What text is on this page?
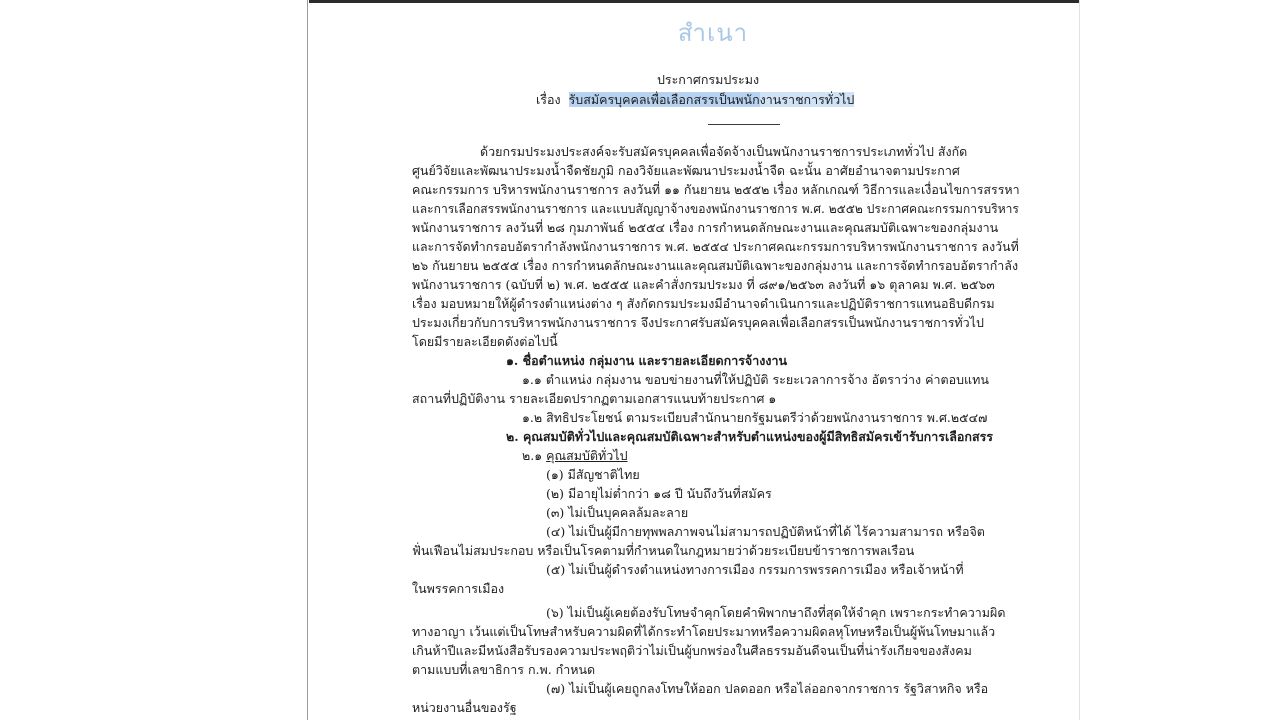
สำเนา
ประกาศกรมประมง
เรื่อง รับสมัครบุคคลเพื่อเลือกสรรเป็นพนักงานราชการทั่วไป
ด้วยกรมประมงประสงค์จะรับสมัครบุคคลเพื่อจัดจ้างเป็นพนักงานราชการประเภททั่วไป สังกัด
ศูนย์วิจัยและพัฒนาประมงน้ำจืดชัยภูมิ กองวิจัยและพัฒนาประมงน้ำจืด ฉะนั้น อาศัยอำนาจตามประกาศ
คณะกรรมการ บริหารพนักงานราชการ ลงวันที่ ๑๑ กันยายน ๒๕๕๒ เรื่อง หลักเกณฑ์ วิธีการและเงื่อนไขการสรรหา
และการเลือกสรรพนักงานราชการ และแบบสัญญาจ้างของพนักงานราชการ พ.ศ. ๒๕๕๒ ประกาศคณะกรรมการบริหาร
พนักงานราชการ ลงวันที่ ๒๘ กุมภาพันธ์ ๒๕๕๔ เรื่อง การกำหนดลักษณะงานและคุณสมบัติเฉพาะของกลุ่มงาน
และการจัดทำกรอบอัตรากำลังพนักงานราชการ พ.ศ. ๒๕๕๔ ประกาศคณะกรรมการบริหารพนักงานราชการ ลงวันที่
๒๖ กันยายน ๒๕๕๕ เรื่อง การกำหนดลักษณะงานและคุณสมบัติเฉพาะของกลุ่มงาน และการจัดทำกรอบอัตรากำลัง
พนักงานราชการ (ฉบับที่ ๒) พ.ศ. ๒๕๕๕ และคำสั่งกรมประมง ที่ ๘๙๑/๒๕๖๓ ลงวันที่ ๑๖ ตุลาคม พ.ศ. ๒๕๖๓
เรื่อง มอบหมายให้ผู้ดำรงตำแหน่งต่าง ๆ สังกัดกรมประมงมีอำนาจดำเนินการและปฏิบัติราชการแทนอธิบดีกรม
ประมงเกี่ยวกับการบริหารพนักงานราชการ จึงประกาศรับสมัครบุคคลเพื่อเลือกสรรเป็นพนักงานราชการทั่วไป
โดยมีรายละเอียดดังต่อไปนี้
๑. ชื่อตำแหน่ง กลุ่มงาน และรายละเอียดการจ้างงาน
๑.๑ ตำแหน่ง กลุ่มงาน ขอบข่ายงานที่ให้ปฏิบัติ ระยะเวลาการจ้าง อัตราว่าง ค่าตอบแทน
สถานที่ปฏิบัติงาน รายละเอียดปรากฏตามเอกสารแนบท้ายประกาศ ๑
๑.๒ สิทธิประโยชน์ ตามระเบียบสำนักนายกรัฐมนตรีว่าด้วยพนักงานราชการ พ.ศ.๒๕๔๗
๒. คุณสมบัติทั่วไปและคุณสมบัติเฉพาะสำหรับตำแหน่งของผู้มีสิทธิสมัครเข้ารับการเลือกสรร
๒.๑ คุณสมบัติทั่วไป
(๑) มีสัญชาติไทย
(๒) มีอายุไม่ต่ำกว่า ๑๘ ปี นับถึงวันที่สมัคร
(๓) ไม่เป็นบุคคลล้มละลาย
(๔) ไม่เป็นผู้มีกายทุพพลภาพจนไม่สามารถปฏิบัติหน้าที่ได้ ไร้ความสามารถ หรือจิต
ฟั่นเฟือนไม่สมประกอบ หรือเป็นโรคตามที่กำหนดในกฎหมายว่าด้วยระเบียบข้าราชการพลเรือน
(๕) ไม่เป็นผู้ดำรงตำแหน่งทางการเมือง กรรมการพรรคการเมือง หรือเจ้าหน้าที่
ในพรรคการเมือง
(๖) ไม่เป็นผู้เคยต้องรับโทษจำคุกโดยคำพิพากษาถึงที่สุดให้จำคุก เพราะกระทำความผิด
ทางอาญา เว้นแต่เป็นโทษสำหรับความผิดที่ได้กระทำโดยประมาทหรือความผิดลหุโทษหรือเป็นผู้พ้นโทษมาแล้ว
เกินห้าปีและมีหนังสือรับรองความประพฤติว่าไม่เป็นผู้บกพร่องในศีลธรรมอันดีจนเป็นที่น่ารังเกียจของสังคม
ตามแบบที่เลขาธิการ ก.พ. กำหนด
(๗) ไม่เป็นผู้เคยถูกลงโทษให้ออก ปลดออก หรือไล่ออกจากราชการ รัฐวิสาหกิจ หรือ
หน่วยงานอื่นของรัฐ
